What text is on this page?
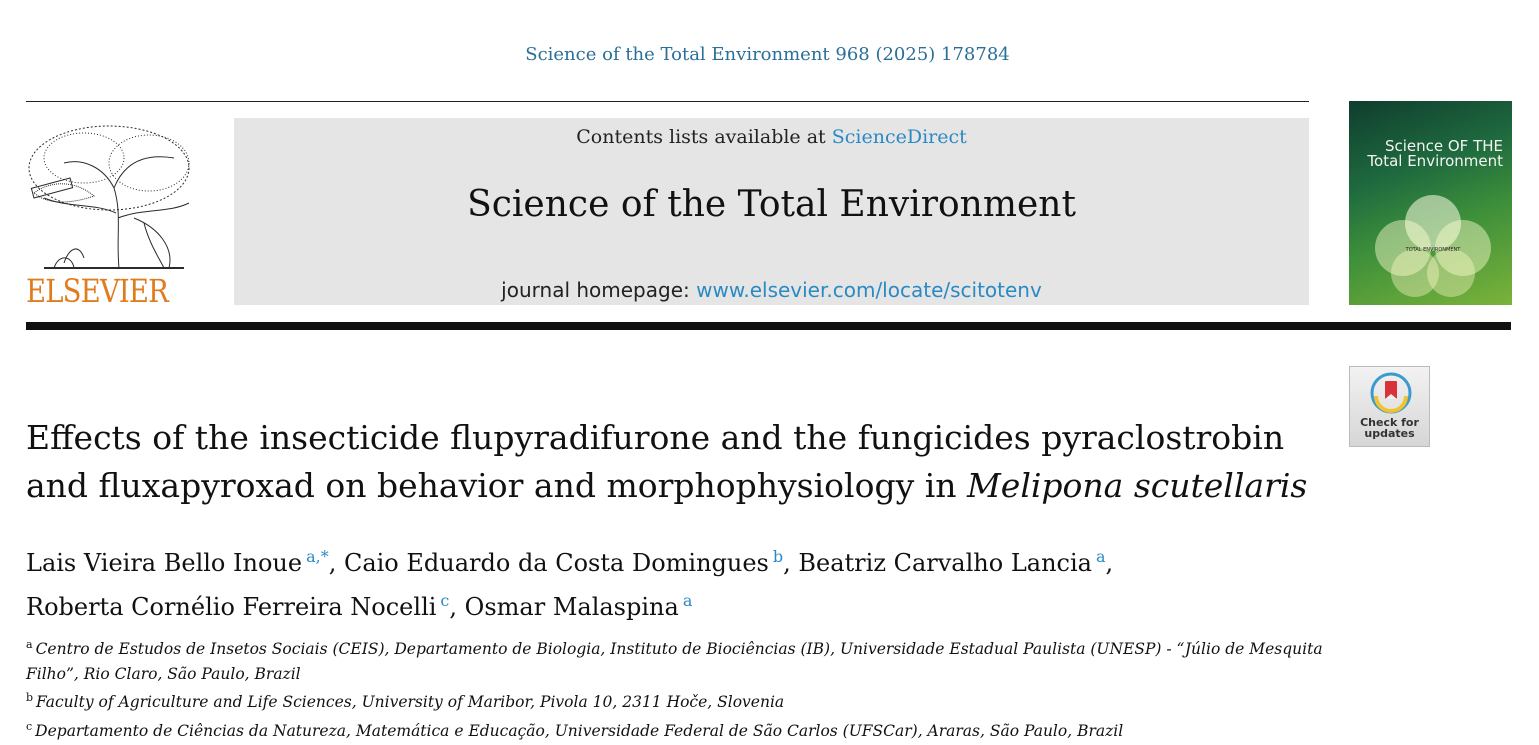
Science of the Total Environment 968 (2025) 178784
ELSEVIER
Contents lists available at ScienceDirect
Science of the Total Environment
journal homepage: www.elsevier.com/locate/scitotenv
Science OF THE Total Environment
TOTAL ENVIRONMENT
Check for
updates
Effects of the insecticide flupyradifurone and the fungicides pyraclostrobin and fluxapyroxad on behavior and morphophysiology in Melipona scutellaris
Lais Vieira Bello Inoue $^{a,*}$, Caio Eduardo da Costa Domingues $^b$, Beatriz Carvalho Lancia $^a$,
Roberta Cornélio Ferreira Nocelli $^c$, Osmar Malaspina $^a$
$^a$ Centro de Estudos de Insetos Sociais (CEIS), Departamento de Biologia, Instituto de Biociências (IB), Universidade Estadual Paulista (UNESP) - “Júlio de Mesquita Filho”, Rio Claro, São Paulo, Brazil
$^b$ Faculty of Agriculture and Life Sciences, University of Maribor, Pivola 10, 2311 Hoče, Slovenia
$^c$ Departamento de Ciências da Natureza, Matemática e Educação, Universidade Federal de São Carlos (UFSCar), Araras, São Paulo, Brazil
